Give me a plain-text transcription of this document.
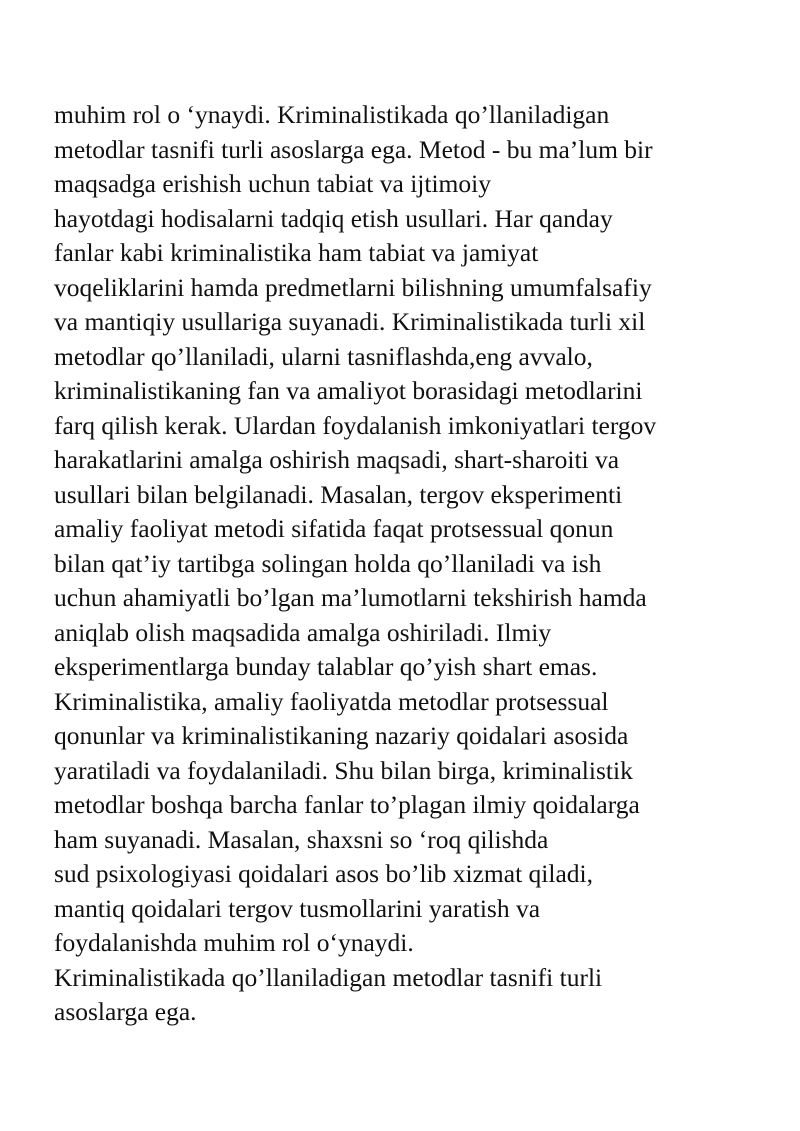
muhim rol o ‘ynaydi. Kriminalistikada qo’llaniladigan
metodlar tasnifi turli asoslarga ega. Metod - bu ma’lum bir
maqsadga erishish uchun tabiat va ijtimoiy
hayotdagi hodisalarni tadqiq etish usullari. Har qanday
fanlar kabi kriminalistika ham tabiat va jamiyat
voqeliklarini hamda predmetlarni bilishning umumfalsafiy
va mantiqiy usullariga suyanadi. Kriminalistikada turli xil
metodlar qo’llaniladi, ularni tasniflashda,eng avvalo,
kriminalistikaning fan va amaliyot borasidagi metodlarini
farq qilish kerak. Ulardan foydalanish imkoniyatlari tergov
harakatlarini amalga oshirish maqsadi, shart-sharoiti va
usullari bilan belgilanadi. Masalan, tergov eksperimenti
amaliy faoliyat metodi sifatida faqat protsessual qonun
bilan qat’iy tartibga solingan holda qo’llaniladi va ish
uchun ahamiyatli bo’lgan ma’lumotlarni tekshirish hamda
aniqlab olish maqsadida amalga oshiriladi. Ilmiy
eksperimentlarga bunday talablar qo’yish shart emas.
Kriminalistika, amaliy faoliyatda metodlar protsessual
qonunlar va kriminalistikaning nazariy qoidalari asosida
yaratiladi va foydalaniladi. Shu bilan birga, kriminalistik
metodlar boshqa barcha fanlar to’plagan ilmiy qoidalarga
ham suyanadi. Masalan, shaxsni so ‘roq qilishda
sud psixologiyasi qoidalari asos bo’lib xizmat qiladi,
mantiq qoidalari tergov tusmollarini yaratish va
foydalanishda muhim rol o‘ynaydi.
Kriminalistikada qo’llaniladigan metodlar tasnifi turli
asoslarga ega.
